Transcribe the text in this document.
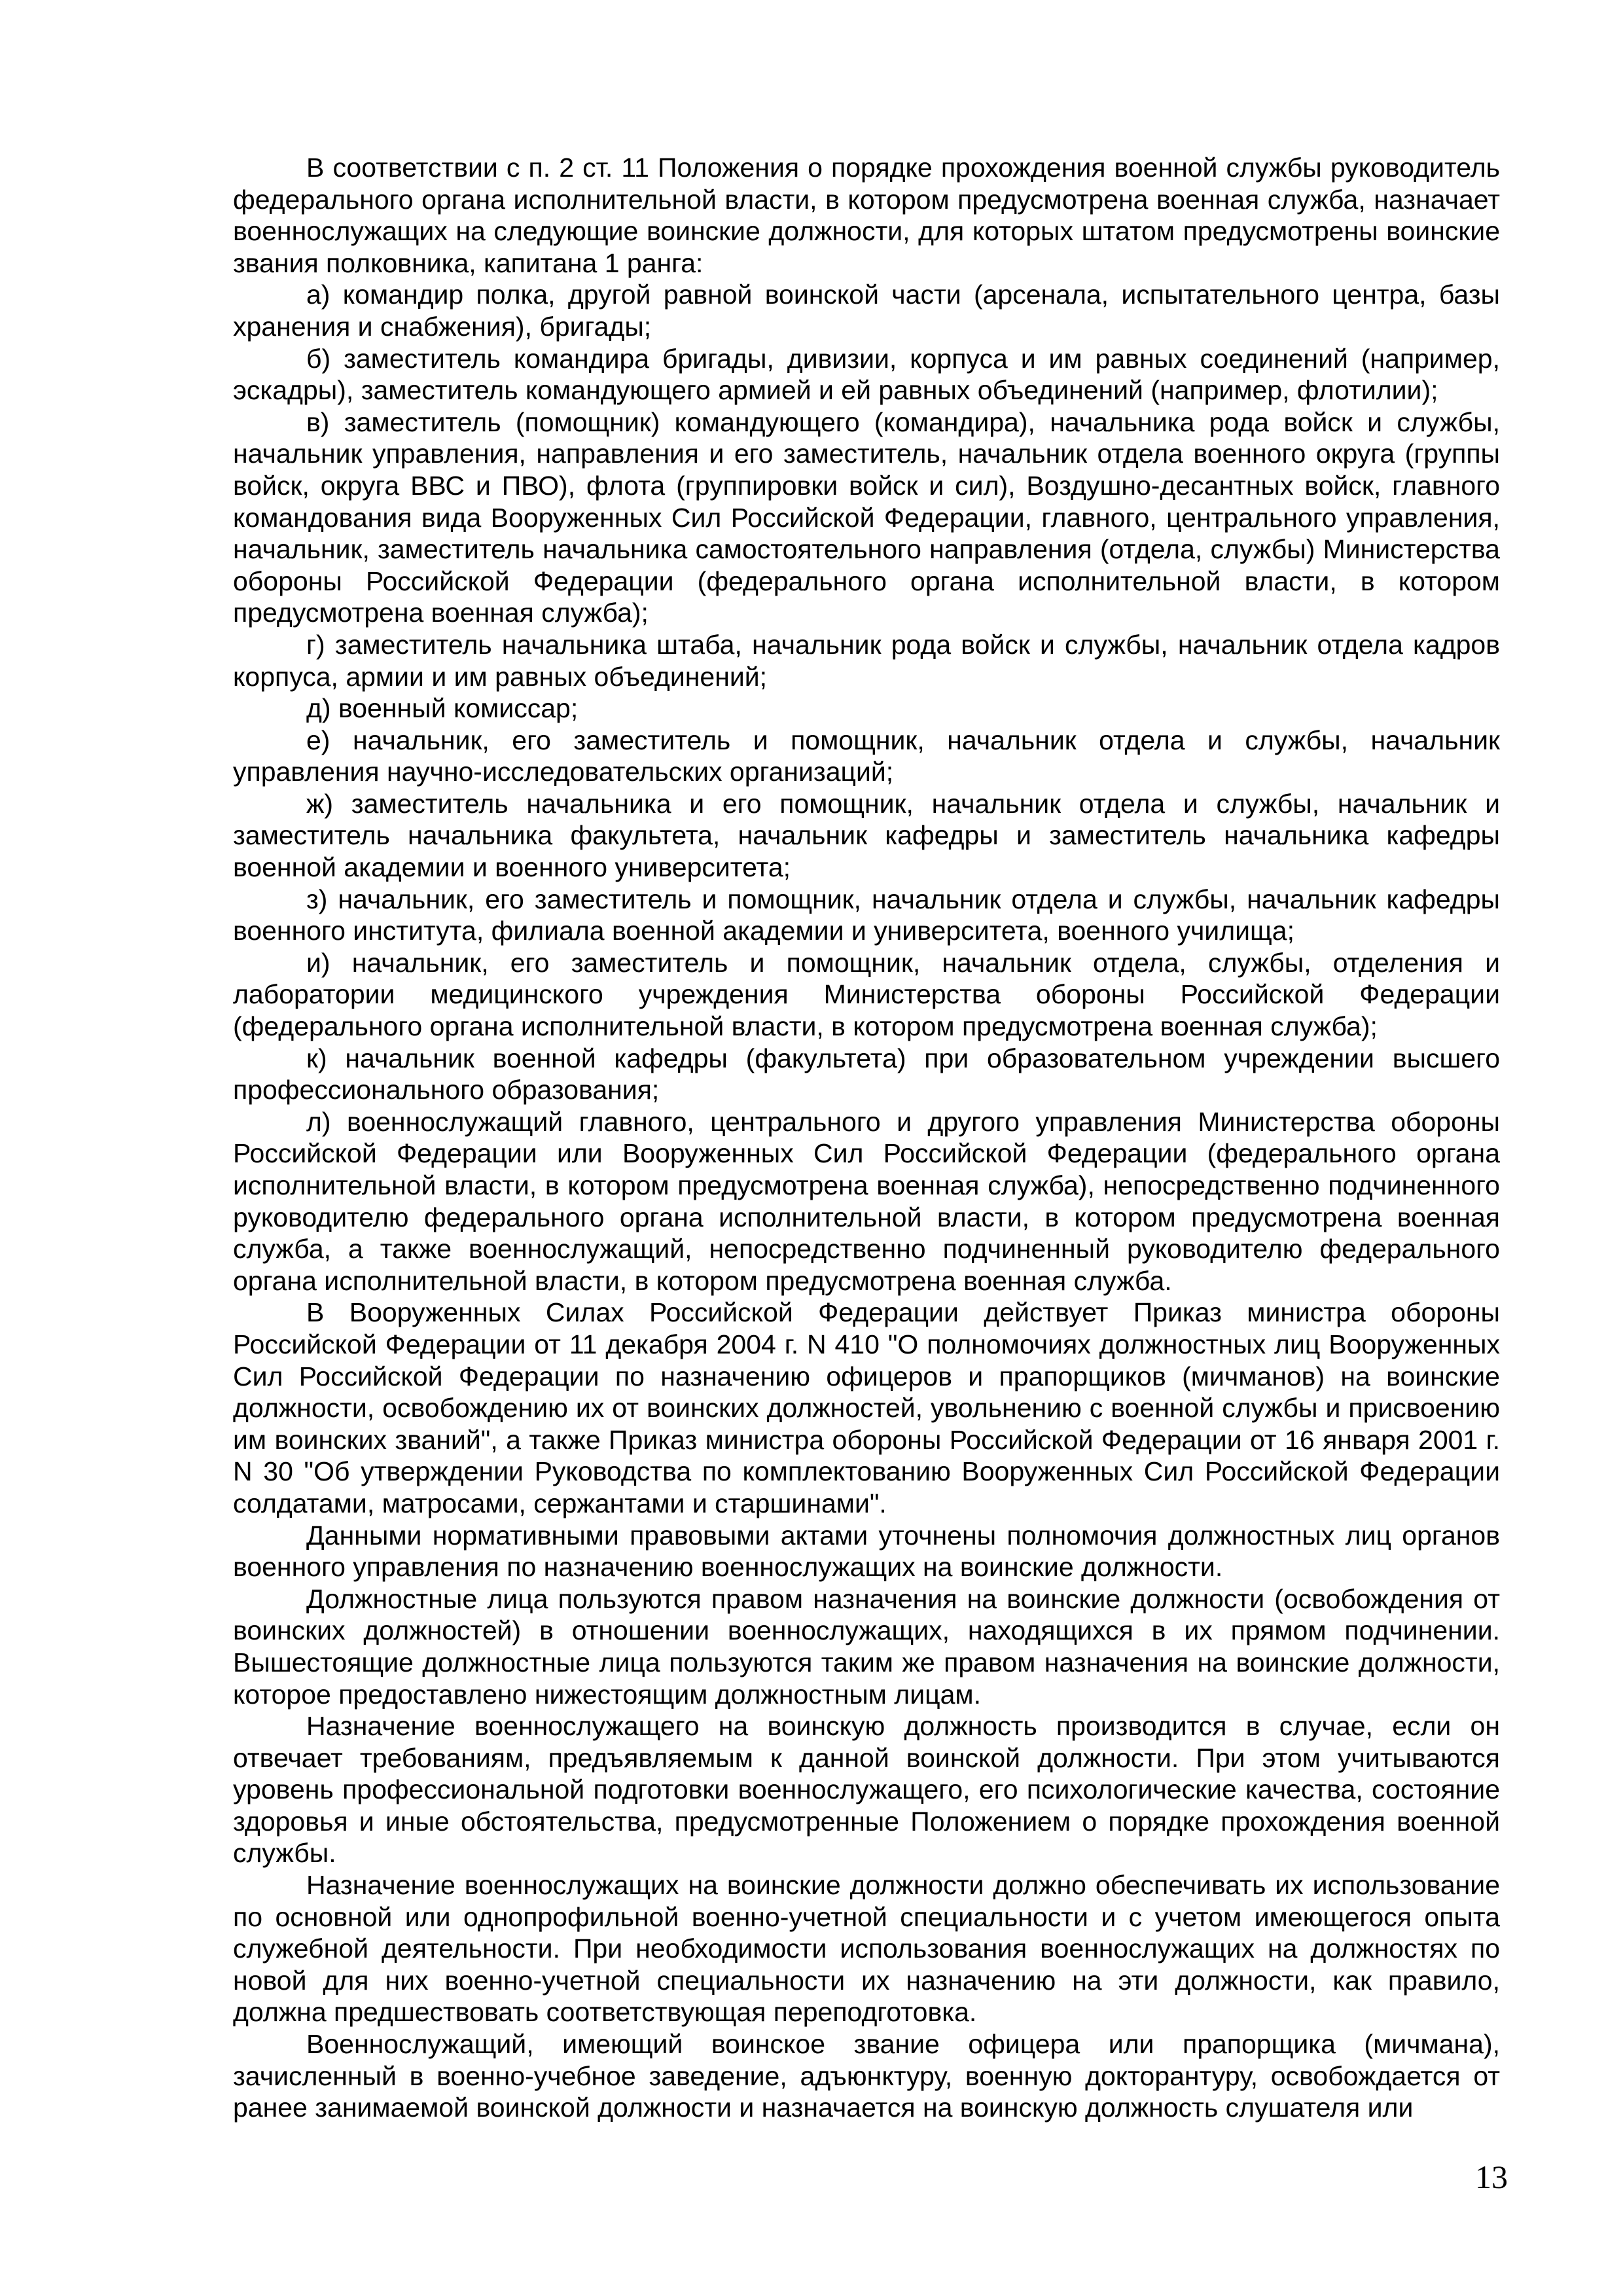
В соответствии с п. 2 ст. 11 Положения о порядке прохождения военной службы руководитель федерального органа исполнительной власти, в котором предусмотрена военная служба, назначает военнослужащих на следующие воинские должности, для которых штатом предусмотрены воинские звания полковника, капитана 1 ранга:

а) командир полка, другой равной воинской части (арсенала, испытательного центра, базы хранения и снабжения), бригады;

б) заместитель командира бригады, дивизии, корпуса и им равных соединений (например, эскадры), заместитель командующего армией и ей равных объединений (например, флотилии);

в) заместитель (помощник) командующего (командира), начальника рода войск и службы, начальник управления, направления и его заместитель, начальник отдела военного округа (группы войск, округа ВВС и ПВО), флота (группировки войск и сил), Воздушно-десантных войск, главного командования вида Вооруженных Сил Российской Федерации, главного, центрального управления, начальник, заместитель начальника самостоятельного направления (отдела, службы) Министерства обороны Российской Федерации (федерального органа исполнительной власти, в котором предусмотрена военная служба);

г) заместитель начальника штаба, начальник рода войск и службы, начальник отдела кадров корпуса, армии и им равных объединений;

д) военный комиссар;

е) начальник, его заместитель и помощник, начальник отдела и службы, начальник управления научно-исследовательских организаций;

ж) заместитель начальника и его помощник, начальник отдела и службы, начальник и заместитель начальника факультета, начальник кафедры и заместитель начальника кафедры военной академии и военного университета;

з) начальник, его заместитель и помощник, начальник отдела и службы, начальник кафедры военного института, филиала военной академии и университета, военного училища;

и) начальник, его заместитель и помощник, начальник отдела, службы, отделения и лаборатории медицинского учреждения Министерства обороны Российской Федерации (федерального органа исполнительной власти, в котором предусмотрена военная служба);

к) начальник военной кафедры (факультета) при образовательном учреждении высшего профессионального образования;

л) военнослужащий главного, центрального и другого управления Министерства обороны Российской Федерации или Вооруженных Сил Российской Федерации (федерального органа исполнительной власти, в котором предусмотрена военная служба), непосредственно подчиненного руководителю федерального органа исполнительной власти, в котором предусмотрена военная служба, а также военнослужащий, непосредственно подчиненный руководителю федерального органа исполнительной власти, в котором предусмотрена военная служба.

В Вооруженных Силах Российской Федерации действует Приказ министра обороны Российской Федерации от 11 декабря 2004 г. N 410 "О полномочиях должностных лиц Вооруженных Сил Российской Федерации по назначению офицеров и прапорщиков (мичманов) на воинские должности, освобождению их от воинских должностей, увольнению с военной службы и присвоению им воинских званий", а также Приказ министра обороны Российской Федерации от 16 января 2001 г. N 30 "Об утверждении Руководства по комплектованию Вооруженных Сил Российской Федерации солдатами, матросами, сержантами и старшинами".

Данными нормативными правовыми актами уточнены полномочия должностных лиц органов военного управления по назначению военнослужащих на воинские должности.

Должностные лица пользуются правом назначения на воинские должности (освобождения от воинских должностей) в отношении военнослужащих, находящихся в их прямом подчинении. Вышестоящие должностные лица пользуются таким же правом назначения на воинские должности, которое предоставлено нижестоящим должностным лицам.

Назначение военнослужащего на воинскую должность производится в случае, если он отвечает требованиям, предъявляемым к данной воинской должности. При этом учитываются уровень профессиональной подготовки военнослужащего, его психологические качества, состояние здоровья и иные обстоятельства, предусмотренные Положением о порядке прохождения военной службы.

Назначение военнослужащих на воинские должности должно обеспечивать их использование по основной или однопрофильной военно-учетной специальности и с учетом имеющегося опыта служебной деятельности. При необходимости использования военнослужащих на должностях по новой для них военно-учетной специальности их назначению на эти должности, как правило, должна предшествовать соответствующая переподготовка.

Военнослужащий, имеющий воинское звание офицера или прапорщика (мичмана), зачисленный в военно-учебное заведение, адъюнктуру, военную докторантуру, освобождается от ранее занимаемой воинской должности и назначается на воинскую должность слушателя или

13
